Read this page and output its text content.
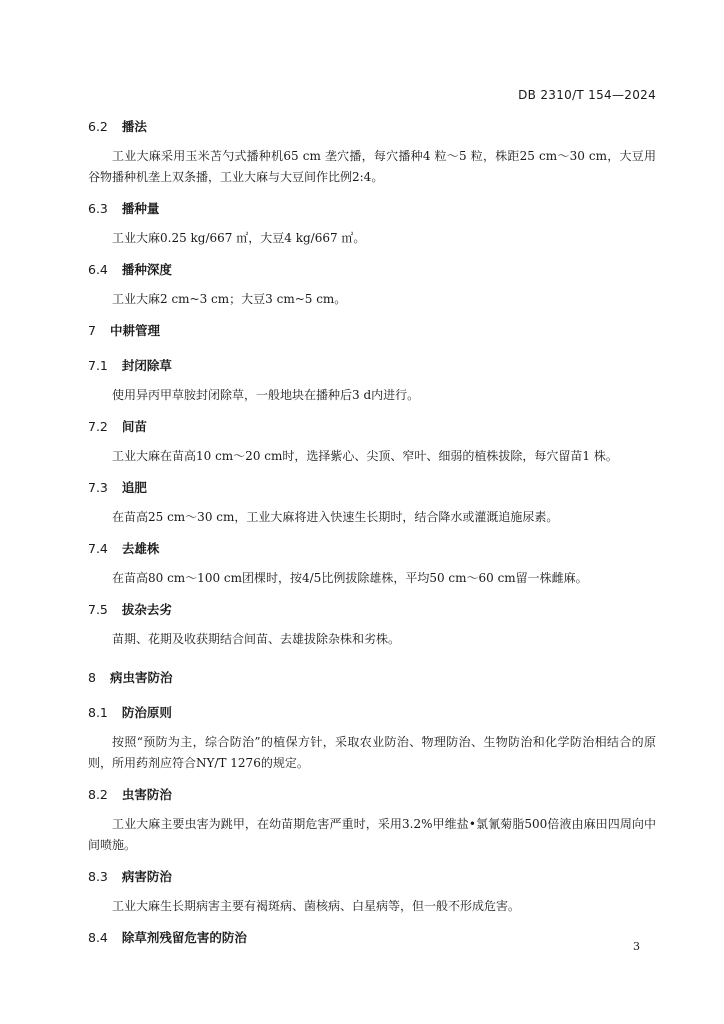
DB 2310/T 154—2024
6.2 播法
工业大麻采用玉米苫勺式播种机65 cm 垄穴播，每穴播种4 粒～5 粒，株距25 cm～30 cm，大豆用谷物播种机垄上双条播，工业大麻与大豆间作比例2:4。
6.3 播种量
工业大麻0.25 kg/667 ㎡，大豆4 kg/667 ㎡。
6.4 播种深度
工业大麻2 cm~3 cm；大豆3 cm~5 cm。
7 中耕管理
7.1 封闭除草
使用异丙甲草胺封闭除草，一般地块在播种后3 d内进行。
7.2 间苗
工业大麻在苗高10 cm～20 cm时，选择紫心、尖顶、窄叶、细弱的植株拔除，每穴留苗1 株。
7.3 追肥
在苗高25 cm～30 cm，工业大麻将进入快速生长期时，结合降水或灌溉追施尿素。
7.4 去雄株
在苗高80 cm～100 cm团棵时，按4/5比例拔除雄株，平均50 cm～60 cm留一株雌麻。
7.5 拔杂去劣
苗期、花期及收获期结合间苗、去雄拔除杂株和劣株。
8 病虫害防治
8.1 防治原则
按照“预防为主，综合防治”的植保方针，采取农业防治、物理防治、生物防治和化学防治相结合的原则，所用药剂应符合NY/T 1276的规定。
8.2 虫害防治
工业大麻主要虫害为跳甲，在幼苗期危害严重时，采用3.2%甲维盐•氯氰菊脂500倍液由麻田四周向中间喷施。
8.3 病害防治
工业大麻生长期病害主要有褐斑病、菌核病、白星病等，但一般不形成危害。
8.4 除草剂残留危害的防治
3
